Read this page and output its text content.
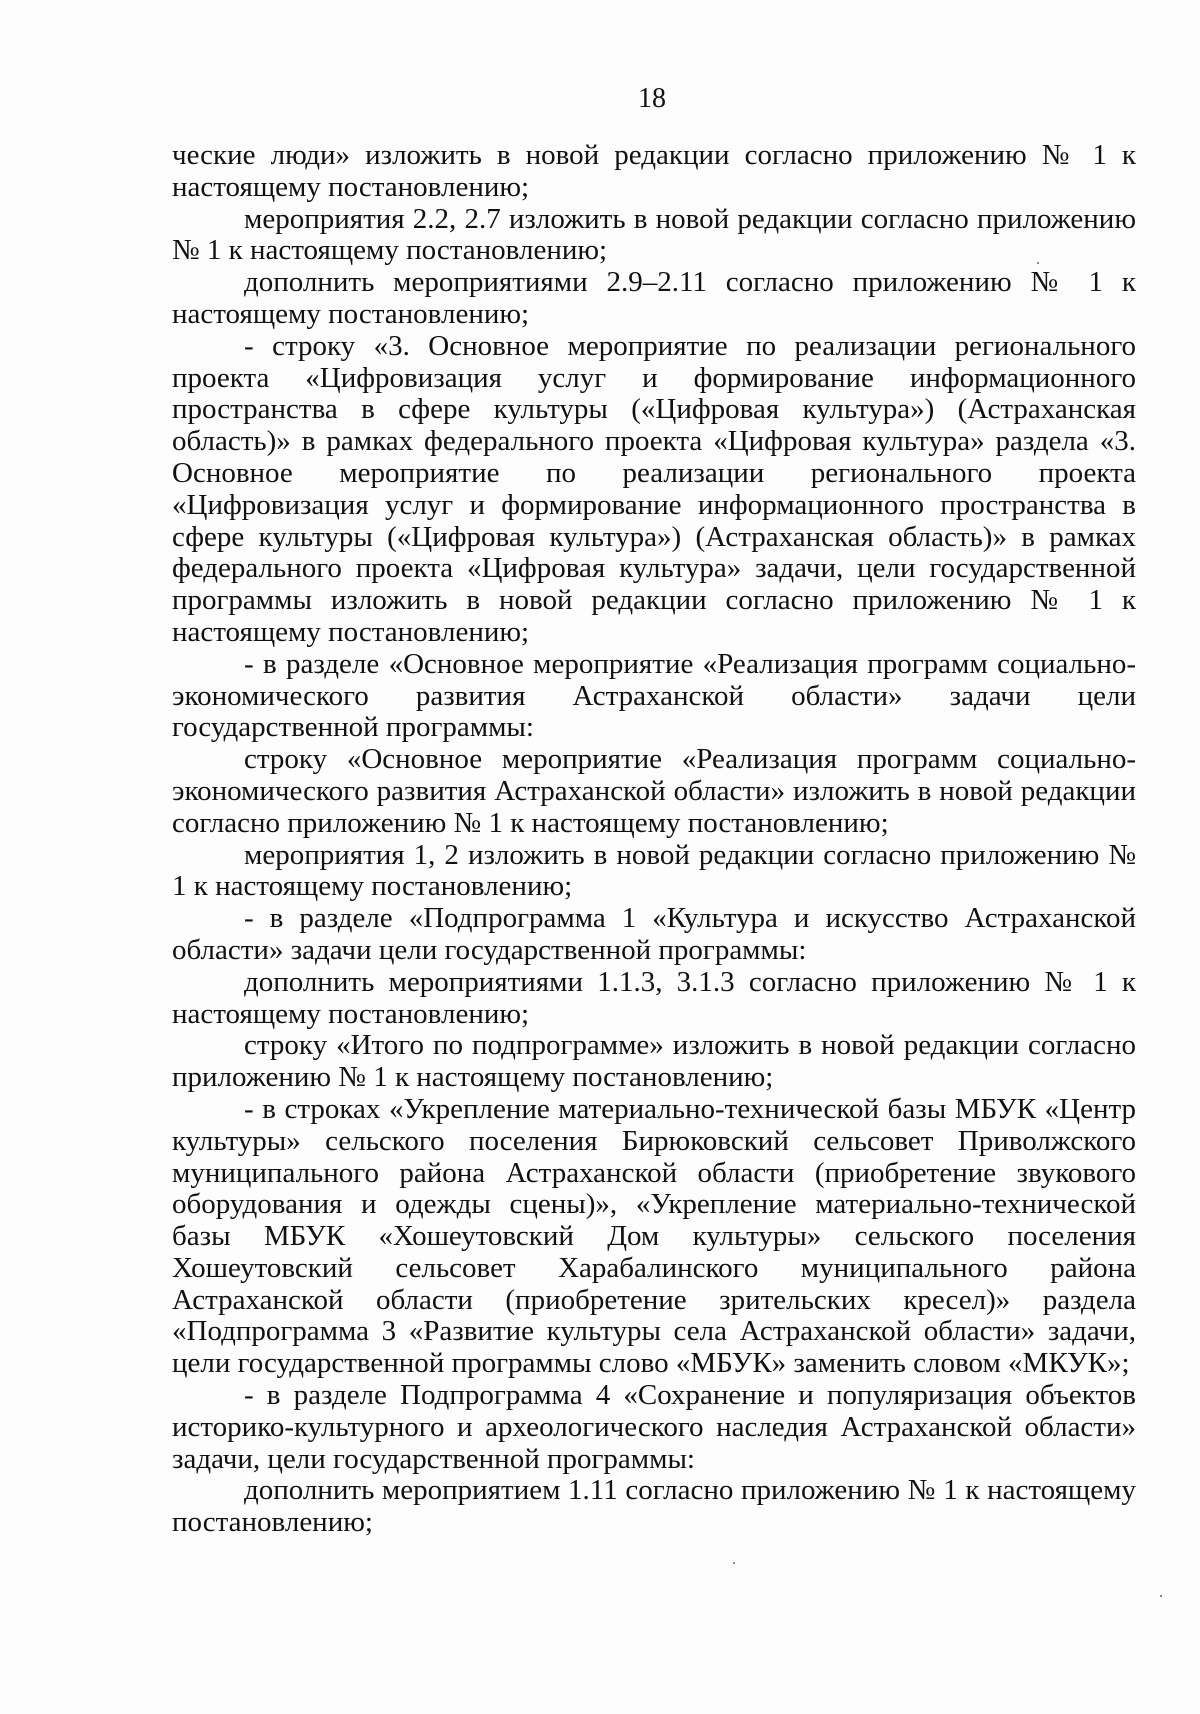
18

ческие люди» изложить в новой редакции согласно приложению № 1 к настоящему постановлению;

мероприятия 2.2, 2.7 изложить в новой редакции согласно приложению № 1 к настоящему постановлению;

дополнить мероприятиями 2.9–2.11 согласно приложению № 1 к настоящему постановлению;

- строку «3. Основное мероприятие по реализации регионального проекта «Цифровизация услуг и формирование информационного пространства в сфере культуры («Цифровая культура») (Астраханская область)» в рамках федерального проекта «Цифровая культура» раздела «3. Основное мероприятие по реализации регионального проекта «Цифровизация услуг и формирование информационного пространства в сфере культуры («Цифровая культура») (Астраханская область)» в рамках федерального проекта «Цифровая культура» задачи, цели государственной программы изложить в новой редакции согласно приложению № 1 к настоящему постановлению;

- в разделе «Основное мероприятие «Реализация программ социально-экономического развития Астраханской области» задачи цели государственной программы:

строку «Основное мероприятие «Реализация программ социально-экономического развития Астраханской области» изложить в новой редакции согласно приложению № 1 к настоящему постановлению;

мероприятия 1, 2 изложить в новой редакции согласно приложению № 1 к настоящему постановлению;

- в разделе «Подпрограмма 1 «Культура и искусство Астраханской области» задачи цели государственной программы:

дополнить мероприятиями 1.1.3, 3.1.3 согласно приложению № 1 к настоящему постановлению;

строку «Итого по подпрограмме» изложить в новой редакции согласно приложению № 1 к настоящему постановлению;

- в строках «Укрепление материально-технической базы МБУК «Центр культуры» сельского поселения Бирюковский сельсовет Приволжского муниципального района Астраханской области (приобретение звукового оборудования и одежды сцены)», «Укрепление материально-технической базы МБУК «Хошеутовский Дом культуры» сельского поселения Хошеутовский сельсовет Харабалинского муниципального района Астраханской области (приобретение зрительских кресел)» раздела «Подпрограмма 3 «Развитие культуры села Астраханской области» задачи, цели государственной программы слово «МБУК» заменить словом «МКУК»;

- в разделе Подпрограмма 4 «Сохранение и популяризация объектов историко-культурного и археологического наследия Астраханской области» задачи, цели государственной программы:

дополнить мероприятием 1.11 согласно приложению № 1 к настоящему постановлению;
